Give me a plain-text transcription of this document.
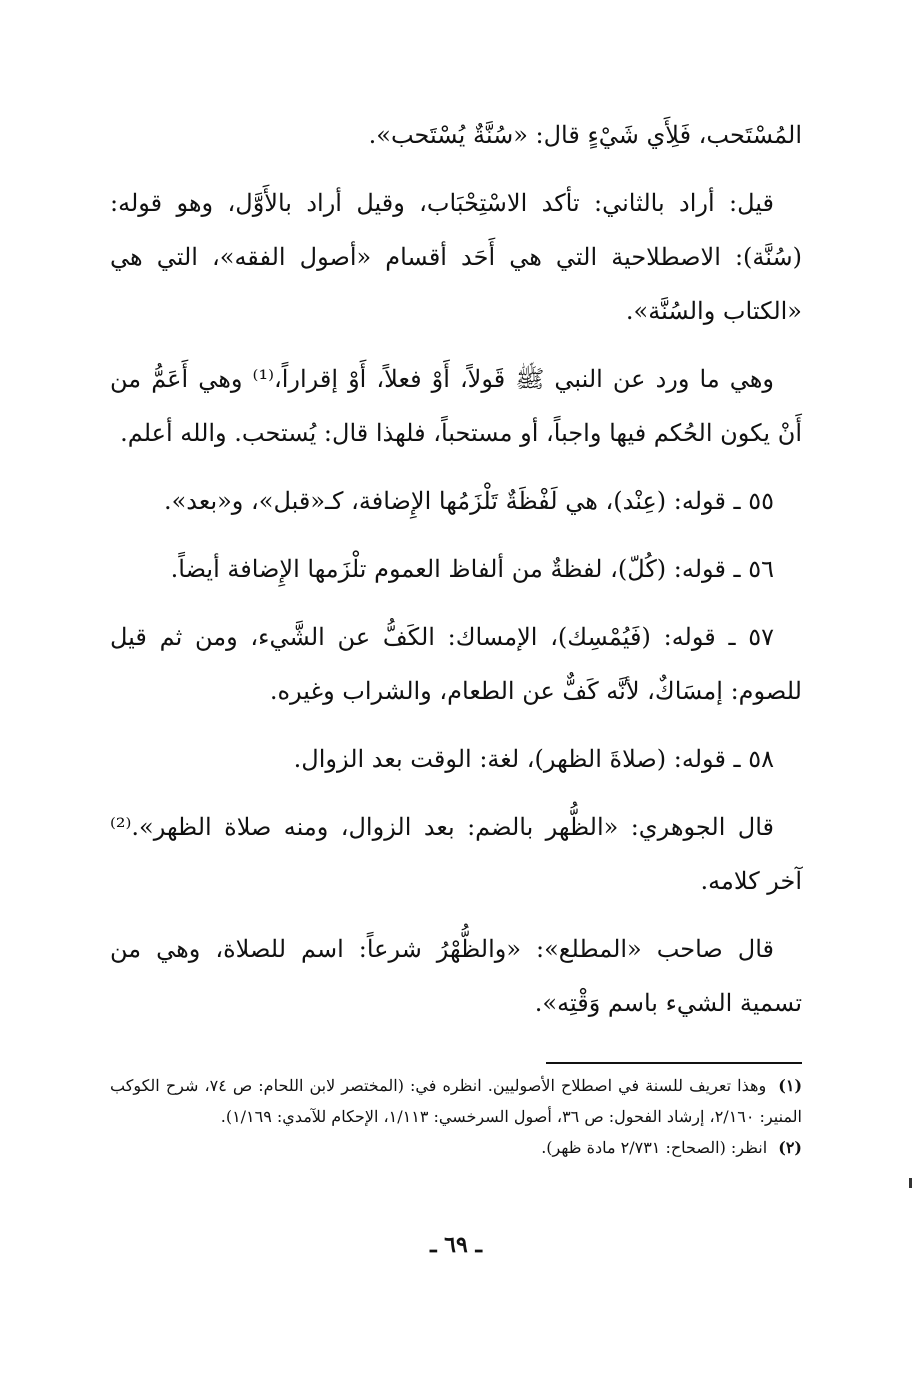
المُسْتَحب، فَلِأَي شَيْءٍ قال: «سُنَّةٌ يُسْتَحب».

قيل: أراد بالثاني: تأكد الاسْتِحْبَاب، وقيل أراد بالأَوَّل، وهو قوله: (سُنَّة): الاصطلاحية التي هي أَحَد أقسام «أصول الفقه»، التي هي «الكتاب والسُنَّة».

وهي ما ورد عن النبي ﷺ قَولاً، أَوْ فعلاً، أَوْ إقراراً،⁽¹⁾ وهي أَعَمُّ من أَنْ يكون الحُكم فيها واجباً، أو مستحباً، فلهذا قال: يُستحب. والله أعلم.

٥٥ ـ قوله: (عِنْد)، هي لَفْظَةٌ تَلْزَمُها الإِضافة، كـ«قبل»، و«بعد».

٥٦ ـ قوله: (كُلّ)، لفظةٌ من ألفاظ العموم تلْزَمها الإِضافة أيضاً.

٥٧ ـ قوله: (فَيُمْسِك)، الإمساك: الكَفُّ عن الشَّيء، ومن ثم قيل للصوم: إمسَاكٌ، لأنَّه كَفٌّ عن الطعام، والشراب وغيره.

٥٨ ـ قوله: (صلاةَ الظهر)، لغة: الوقت بعد الزوال.

قال الجوهري: «الظُّهر بالضم: بعد الزوال، ومنه صلاة الظهر».⁽²⁾ آخر كلامه.

قال صاحب «المطلع»: «والظُّهْرُ شرعاً: اسم للصلاة، وهي من تسمية الشيء باسم وَقْتِه».

(١) وهذا تعريف للسنة في اصطلاح الأصوليين. انظره في: (المختصر لابن اللحام: ص ٧٤، شرح الكوكب المنير: ٢/١٦٠، إرشاد الفحول: ص ٣٦، أصول السرخسي: ١/١١٣، الإحكام للآمدي: ١/١٦٩).

(٢) انظر: (الصحاح: ٢/٧٣١ مادة ظهر).

ـ ٦٩ ـ
